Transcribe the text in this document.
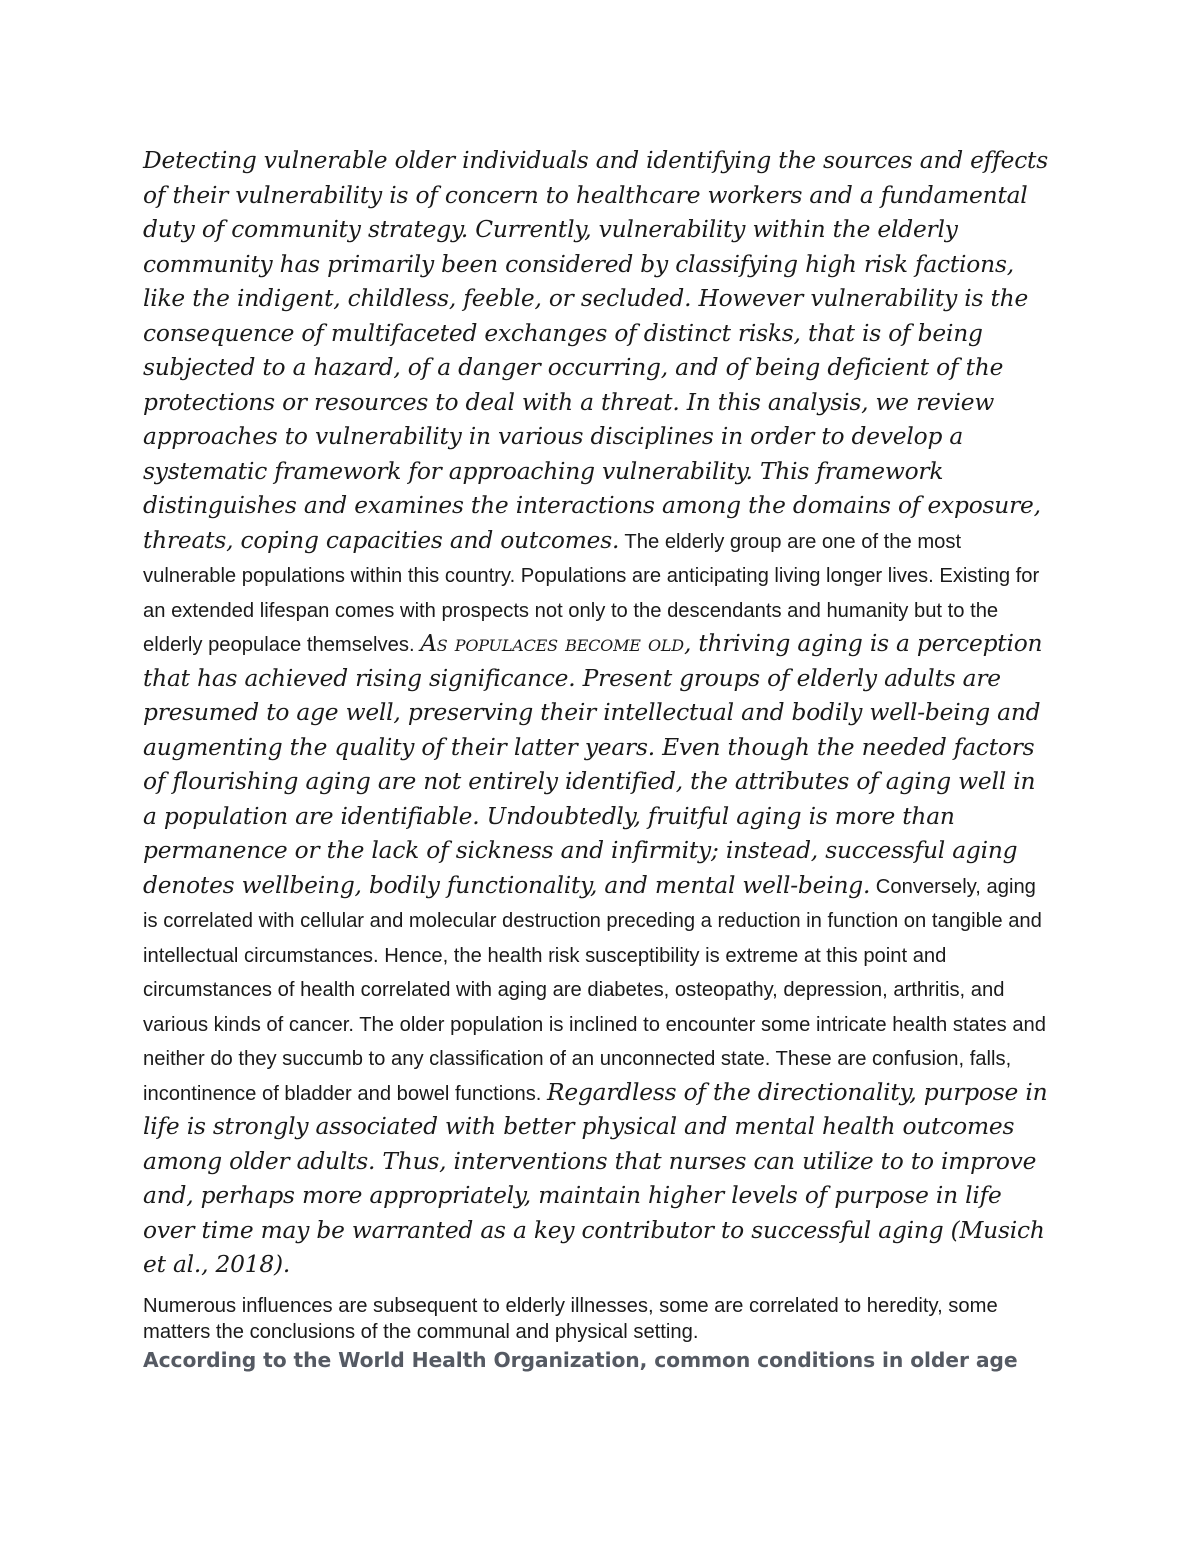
Detecting vulnerable older individuals and identifying the sources and effects of their vulnerability is of concern to healthcare workers and a fundamental duty of community strategy. Currently, vulnerability within the elderly community has primarily been considered by classifying high risk factions, like the indigent, childless, feeble, or secluded. However vulnerability is the consequence of multifaceted exchanges of distinct risks, that is of being subjected to a hazard, of a danger occurring, and of being deficient of the protections or resources to deal with a threat. In this analysis, we review approaches to vulnerability in various disciplines in order to develop a systematic framework for approaching vulnerability. This framework distinguishes and examines the interactions among the domains of exposure, threats, coping capacities and outcomes. The elderly group are one of the most vulnerable populations within this country. Populations are anticipating living longer lives. Existing for an extended lifespan comes with prospects not only to the descendants and humanity but to the elderly peopulace themselves. As populaces become old, thriving aging is a perception that has achieved rising significance. Present groups of elderly adults are presumed to age well, preserving their intellectual and bodily well-being and augmenting the quality of their latter years. Even though the needed factors of flourishing aging are not entirely identified, the attributes of aging well in a population are identifiable. Undoubtedly, fruitful aging is more than permanence or the lack of sickness and infirmity; instead, successful aging denotes wellbeing, bodily functionality, and mental well-being. Conversely, aging is correlated with cellular and molecular destruction preceding a reduction in function on tangible and intellectual circumstances. Hence, the health risk susceptibility is extreme at this point and circumstances of health correlated with aging are diabetes, osteopathy, depression, arthritis, and various kinds of cancer. The older population is inclined to encounter some intricate health states and neither do they succumb to any classification of an unconnected state. These are confusion, falls, incontinence of bladder and bowel functions. Regardless of the directionality, purpose in life is strongly associated with better physical and mental health outcomes among older adults. Thus, interventions that nurses can utilize to to improve and, perhaps more appropriately, maintain higher levels of purpose in life over time may be warranted as a key contributor to successful aging (Musich et al., 2018).

Numerous influences are subsequent to elderly illnesses, some are correlated to heredity, some matters the conclusions of the communal and physical setting.
According to the World Health Organization, common conditions in older age
